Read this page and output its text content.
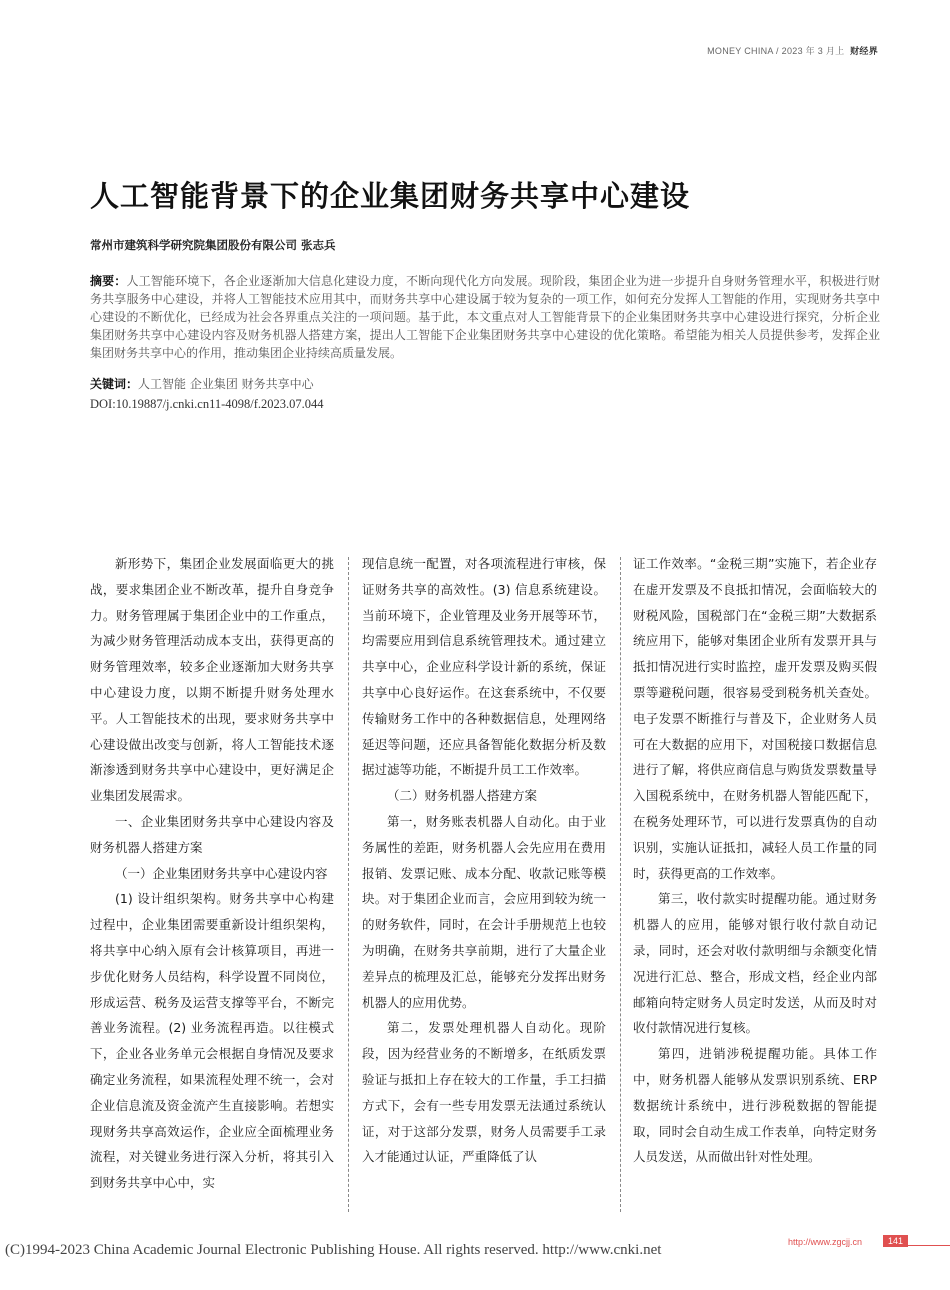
MONEY CHINA / 2023 年 3 月上 财经界
人工智能背景下的企业集团财务共享中心建设
常州市建筑科学研究院集团股份有限公司 张志兵

摘要：人工智能环境下，各企业逐渐加大信息化建设力度，不断向现代化方向发展。现阶段，集团企业为进一步提升自身财务管理水平，积极进行财务共享服务中心建设，并将人工智能技术应用其中，而财务共享中心建设属于较为复杂的一项工作，如何充分发挥人工智能的作用，实现财务共享中心建设的不断优化，已经成为社会各界重点关注的一项问题。基于此，本文重点对人工智能背景下的企业集团财务共享中心建设进行探究，分析企业集团财务共享中心建设内容及财务机器人搭建方案，提出人工智能下企业集团财务共享中心建设的优化策略。希望能为相关人员提供参考，发挥企业集团财务共享中心的作用，推动集团企业持续高质量发展。

关键词：人工智能 企业集团 财务共享中心
DOI:10.19887/j.cnki.cn11-4098/f.2023.07.044

新形势下，集团企业发展面临更大的挑战，要求集团企业不断改革，提升自身竞争力。财务管理属于集团企业中的工作重点，为减少财务管理活动成本支出，获得更高的财务管理效率，较多企业逐渐加大财务共享中心建设力度，以期不断提升财务处理水平。人工智能技术的出现，要求财务共享中心建设做出改变与创新，将人工智能技术逐渐渗透到财务共享中心建设中，更好满足企业集团发展需求。

一、企业集团财务共享中心建设内容及财务机器人搭建方案

（一）企业集团财务共享中心建设内容

(1) 设计组织架构。财务共享中心构建过程中，企业集团需要重新设计组织架构，将共享中心纳入原有会计核算项目，再进一步优化财务人员结构，科学设置不同岗位，形成运营、税务及运营支撑等平台，不断完善业务流程。(2) 业务流程再造。以往模式下，企业各业务单元会根据自身情况及要求确定业务流程，如果流程处理不统一，会对企业信息流及资金流产生直接影响。若想实现财务共享高效运作，企业应全面梳理业务流程，对关键业务进行深入分析，将其引入到财务共享中心中，实

现信息统一配置，对各项流程进行审核，保证财务共享的高效性。(3) 信息系统建设。当前环境下，企业管理及业务开展等环节，均需要应用到信息系统管理技术。通过建立共享中心，企业应科学设计新的系统，保证共享中心良好运作。在这套系统中，不仅要传输财务工作中的各种数据信息，处理网络延迟等问题，还应具备智能化数据分析及数据过滤等功能，不断提升员工工作效率。

（二）财务机器人搭建方案

第一，财务账表机器人自动化。由于业务属性的差距，财务机器人会先应用在费用报销、发票记账、成本分配、收款记账等模块。对于集团企业而言，会应用到较为统一的财务软件，同时，在会计手册规范上也较为明确，在财务共享前期，进行了大量企业差异点的梳理及汇总，能够充分发挥出财务机器人的应用优势。

第二，发票处理机器人自动化。现阶段，因为经营业务的不断增多，在纸质发票验证与抵扣上存在较大的工作量，手工扫描方式下，会有一些专用发票无法通过系统认证，对于这部分发票，财务人员需要手工录入才能通过认证，严重降低了认

证工作效率。“金税三期”实施下，若企业存在虚开发票及不良抵扣情况，会面临较大的财税风险，国税部门在“金税三期”大数据系统应用下，能够对集团企业所有发票开具与抵扣情况进行实时监控，虚开发票及购买假票等避税问题，很容易受到税务机关查处。电子发票不断推行与普及下，企业财务人员可在大数据的应用下，对国税接口数据信息进行了解，将供应商信息与购货发票数量导入国税系统中，在财务机器人智能匹配下，在税务处理环节，可以进行发票真伪的自动识别，实施认证抵扣，减轻人员工作量的同时，获得更高的工作效率。

第三，收付款实时提醒功能。通过财务机器人的应用，能够对银行收付款自动记录，同时，还会对收付款明细与余额变化情况进行汇总、整合，形成文档，经企业内部邮箱向特定财务人员定时发送，从而及时对收付款情况进行复核。

第四，进销涉税提醒功能。具体工作中，财务机器人能够从发票识别系统、ERP 数据统计系统中，进行涉税数据的智能提取，同时会自动生成工作表单，向特定财务人员发送，从而做出针对性处理。

(C)1994-2023 China Academic Journal Electronic Publishing House. All rights reserved. http://www.cnki.net	http://www.zgcjj.cn	141
